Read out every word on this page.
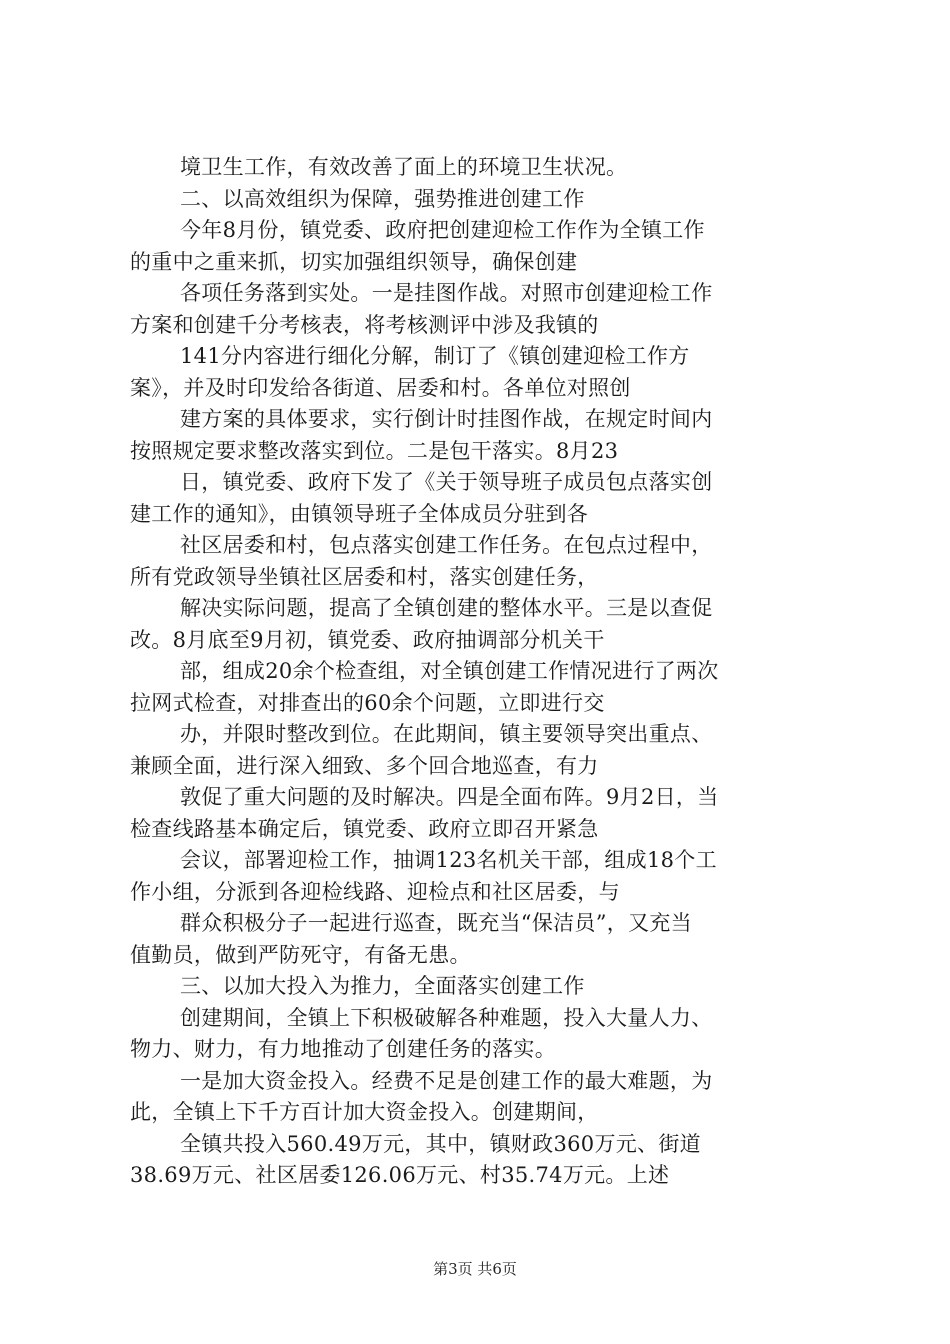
境卫生工作，有效改善了面上的环境卫生状况。
二、以高效组织为保障，强势推进创建工作
今年8月份，镇党委、政府把创建迎检工作作为全镇工作
的重中之重来抓，切实加强组织领导，确保创建
各项任务落到实处。一是挂图作战。对照市创建迎检工作
方案和创建千分考核表，将考核测评中涉及我镇的
141分内容进行细化分解，制订了《镇创建迎检工作方
案》，并及时印发给各街道、居委和村。各单位对照创
建方案的具体要求，实行倒计时挂图作战，在规定时间内
按照规定要求整改落实到位。二是包干落实。8月23
日，镇党委、政府下发了《关于领导班子成员包点落实创
建工作的通知》，由镇领导班子全体成员分驻到各
社区居委和村，包点落实创建工作任务。在包点过程中，
所有党政领导坐镇社区居委和村，落实创建任务，
解决实际问题，提高了全镇创建的整体水平。三是以查促
改。8月底至9月初，镇党委、政府抽调部分机关干
部，组成20余个检查组，对全镇创建工作情况进行了两次
拉网式检查，对排查出的60余个问题，立即进行交
办，并限时整改到位。在此期间，镇主要领导突出重点、
兼顾全面，进行深入细致、多个回合地巡查，有力
敦促了重大问题的及时解决。四是全面布阵。9月2日，当
检查线路基本确定后，镇党委、政府立即召开紧急
会议，部署迎检工作，抽调123名机关干部，组成18个工
作小组，分派到各迎检线路、迎检点和社区居委，与
群众积极分子一起进行巡查，既充当“保洁员”，又充当
值勤员，做到严防死守，有备无患。
三、以加大投入为推力，全面落实创建工作
创建期间，全镇上下积极破解各种难题，投入大量人力、
物力、财力，有力地推动了创建任务的落实。
一是加大资金投入。经费不足是创建工作的最大难题，为
此，全镇上下千方百计加大资金投入。创建期间，
全镇共投入560.49万元，其中，镇财政360万元、街道
38.69万元、社区居委126.06万元、村35.74万元。上述
第3页 共6页
